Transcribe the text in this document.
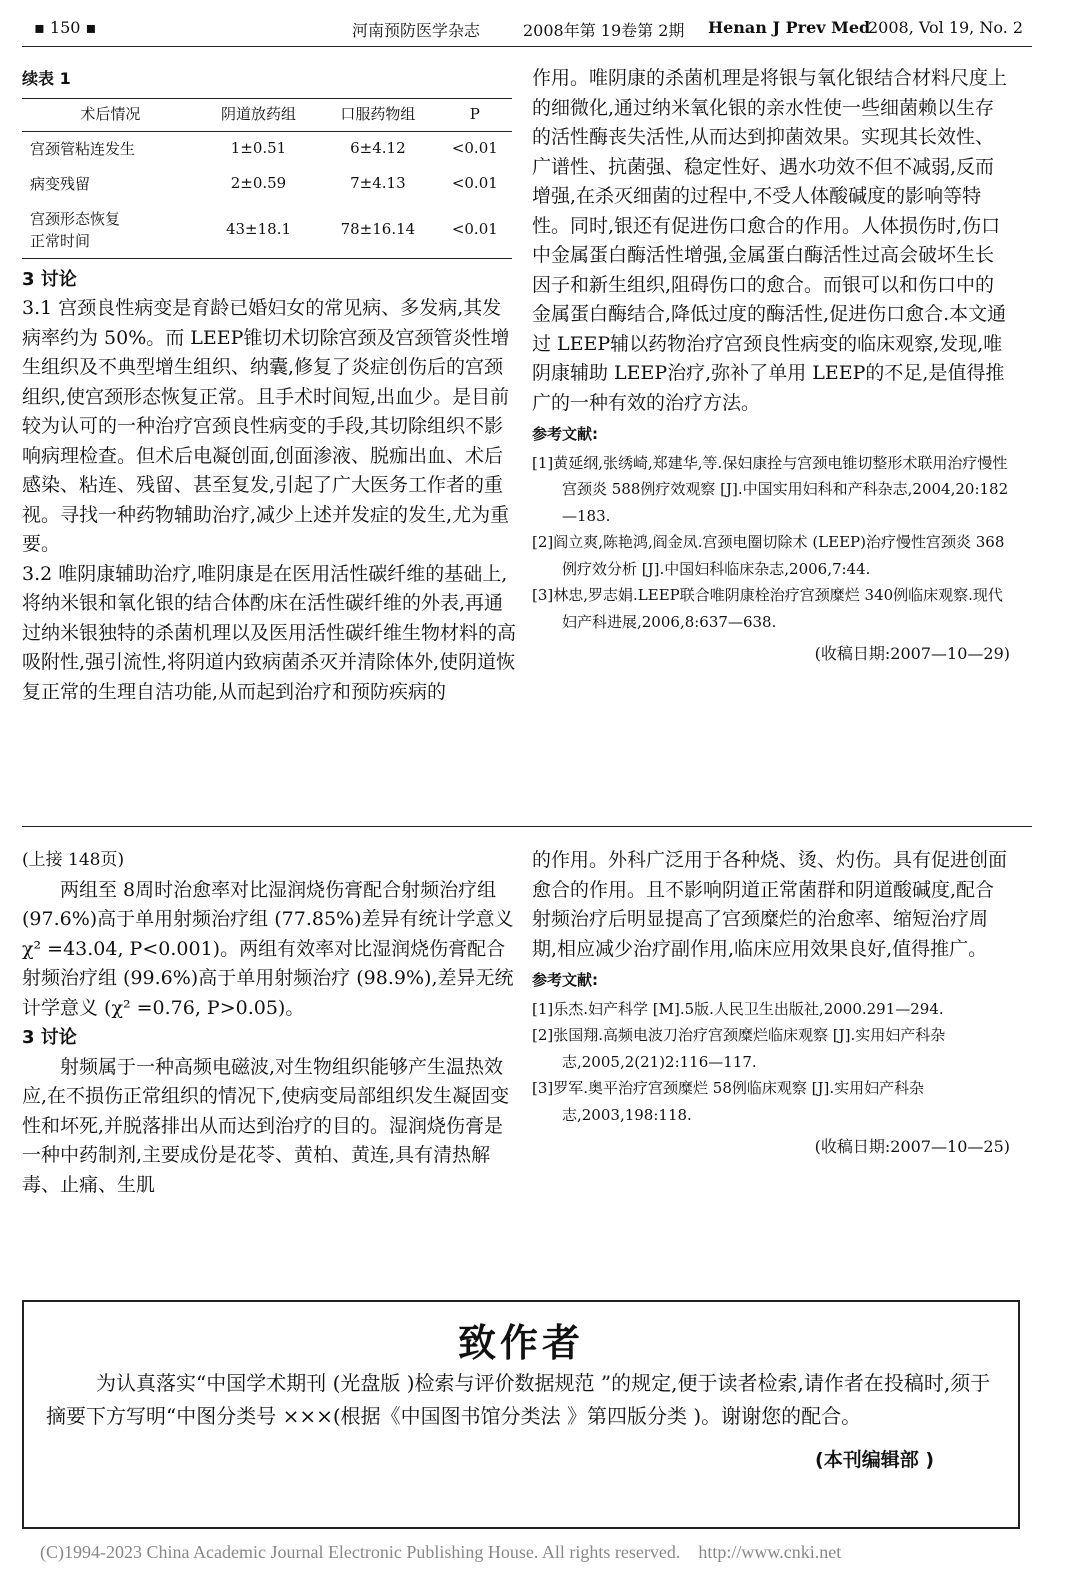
▪ 150 ▪	河南预防医学杂志	2008年第 19卷第 2期 Henan J Prev Med
2008, Vol 19, No. 2
续表 1
术后情况	阴道放药组	口服药物组	P
宫颈管粘连发生	1±0.51	6±4.12	<0.01
病变残留	2±0.59	7±4.13	<0.01
宫颈形态恢复
正常时间	43±18.1	78±16.14	<0.01
3 讨论

3.1 宫颈良性病变是育龄已婚妇女的常见病、多发病,其发病率约为 50%。而 LEEP锥切术切除宫颈及宫颈管炎性增生组织及不典型增生组织、纳囊,修复了炎症创伤后的宫颈组织,使宫颈形态恢复正常。且手术时间短,出血少。是目前较为认可的一种治疗宫颈良性病变的手段,其切除组织不影响病理检查。但术后电凝创面,创面渗液、脱痂出血、术后感染、粘连、残留、甚至复发,引起了广大医务工作者的重视。寻找一种药物辅助治疗,减少上述并发症的发生,尤为重要。

3.2 唯阴康辅助治疗,唯阴康是在医用活性碳纤维的基础上,将纳米银和氧化银的结合体酌床在活性碳纤维的外表,再通过纳米银独特的杀菌机理以及医用活性碳纤维生物材料的高吸附性,强引流性,将阴道内致病菌杀灭并清除体外,使阴道恢复正常的生理自洁功能,从而起到治疗和预防疾病的

作用。唯阴康的杀菌机理是将银与氧化银结合材料尺度上的细微化,通过纳米氧化银的亲水性使一些细菌赖以生存的活性酶丧失活性,从而达到抑菌效果。实现其长效性、广谱性、抗菌强、稳定性好、遇水功效不但不减弱,反而增强,在杀灭细菌的过程中,不受人体酸碱度的影响等特性。同时,银还有促进伤口愈合的作用。人体损伤时,伤口中金属蛋白酶活性增强,金属蛋白酶活性过高会破坏生长因子和新生组织,阻碍伤口的愈合。而银可以和伤口中的金属蛋白酶结合,降低过度的酶活性,促进伤口愈合.本文通过 LEEP辅以药物治疗宫颈良性病变的临床观察,发现,唯阴康辅助 LEEP治疗,弥补了单用 LEEP的不足,是值得推广的一种有效的治疗方法。

参考文献:

[1]黄延纲,张绣崎,郑建华,等.保妇康拴与宫颈电锥切整形术联用治疗慢性宫颈炎 588例疗效观察 [J].中国实用妇科和产科杂志,2004,20:182—183.

[2]阎立爽,陈艳鸿,阎金凤.宫颈电圈切除术 (LEEP)治疗慢性宫颈炎 368例疗效分析 [J].中国妇科临床杂志,2006,7:44.

[3]林忠,罗志娟.LEEP联合唯阴康栓治疗宫颈糜烂 340例临床观察.现代妇产科进展,2006,8:637—638.

(收稿日期:2007—10—29)
(上接 148页)

两组至 8周时治愈率对比湿润烧伤膏配合射频治疗组 (97.6%)高于单用射频治疗组 (77.85%)差异有统计学意义 χ² =43.04, P<0.001)。两组有效率对比湿润烧伤膏配合射频治疗组 (99.6%)高于单用射频治疗 (98.9%),差异无统计学意义 (χ² =0.76, P>0.05)。

3 讨论

射频属于一种高频电磁波,对生物组织能够产生温热效应,在不损伤正常组织的情况下,使病变局部组织发生凝固变性和坏死,并脱落排出从而达到治疗的目的。湿润烧伤膏是一种中药制剂,主要成份是花苓、黄柏、黄连,具有清热解毒、止痛、生肌

的作用。外科广泛用于各种烧、烫、灼伤。具有促进创面愈合的作用。且不影响阴道正常菌群和阴道酸碱度,配合射频治疗后明显提高了宫颈糜烂的治愈率、缩短治疗周期,相应减少治疗副作用,临床应用效果良好,值得推广。

参考文献:

[1]乐杰.妇产科学 [M].5版.人民卫生出版社,2000.291—294.

[2]张国翔.高频电波刀治疗宫颈糜烂临床观察 [J].实用妇产科杂志,2005,2(21)2:116—117.

[3]罗军.奥平治疗宫颈糜烂 58例临床观察 [J].实用妇产科杂志,2003,198:118.

(收稿日期:2007—10—25)
致作者

为认真落实“中国学术期刊 (光盘版 )检索与评价数据规范 ”的规定,便于读者检索,请作者在投稿时,须于摘要下方写明“中图分类号 ×××(根据《中国图书馆分类法 》第四版分类 )。谢谢您的配合。

(本刊编辑部 )
(C)1994-2023 China Academic Journal Electronic Publishing House. All rights reserved.    http://www.cnki.net
